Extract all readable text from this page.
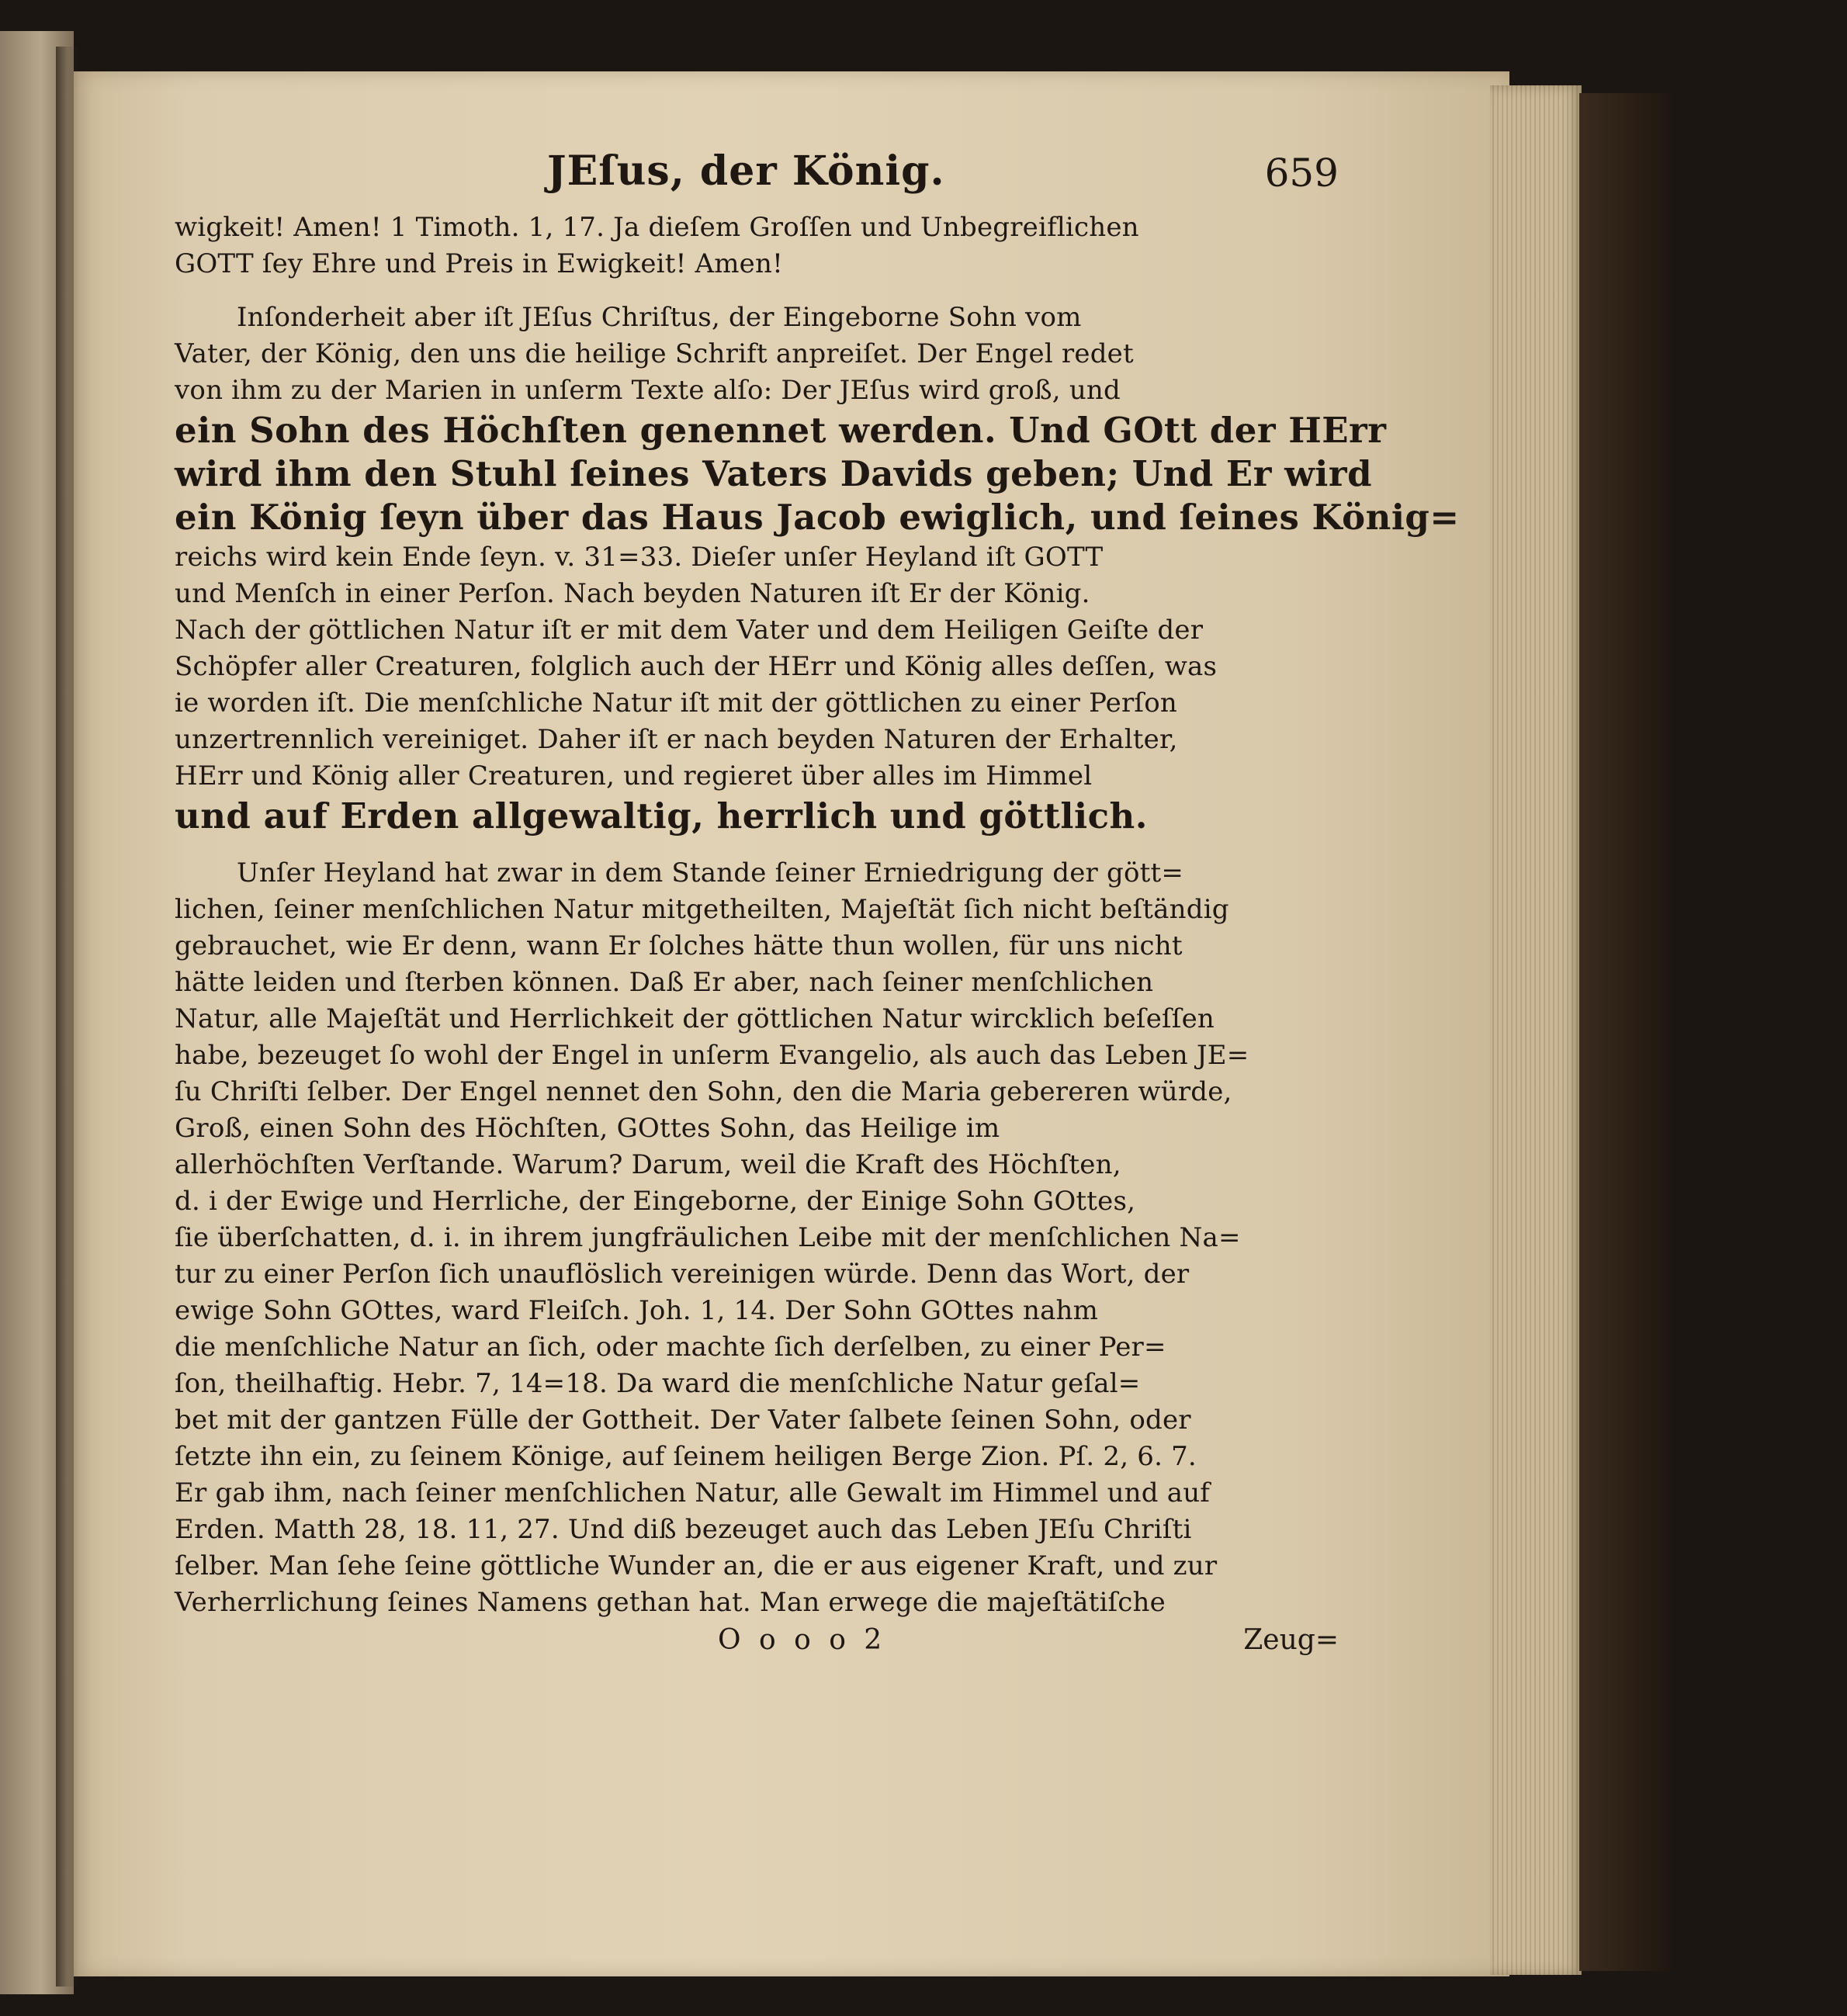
JEſus, der König.	659
wigkeit! Amen! 1 Timoth. 1, 17. Ja dieſem Groſſen und Unbegreiflichen
GOTT ſey Ehre und Preis in Ewigkeit! Amen!
Inſonderheit aber iſt JEſus Chriſtus, der Eingeborne Sohn vom
Vater, der König, den uns die heilige Schrift anpreiſet. Der Engel redet
von ihm zu der Marien in unſerm Texte alſo: Der JEſus wird groß, und
ein Sohn des Höchſten genennet werden. Und GOtt der HErr
wird ihm den Stuhl ſeines Vaters Davids geben; Und Er wird
ein König ſeyn über das Haus Jacob ewiglich, und ſeines König=
reichs wird kein Ende ſeyn. v. 31=33. Dieſer unſer Heyland iſt GOTT
und Menſch in einer Perſon. Nach beyden Naturen iſt Er der König.
Nach der göttlichen Natur iſt er mit dem Vater und dem Heiligen Geiſte der
Schöpfer aller Creaturen, folglich auch der HErr und König alles deſſen, was
ie worden iſt. Die menſchliche Natur iſt mit der göttlichen zu einer Perſon
unzertrennlich vereiniget. Daher iſt er nach beyden Naturen der Erhalter,
HErr und König aller Creaturen, und regieret über alles im Himmel
und auf Erden allgewaltig, herrlich und göttlich.
Unſer Heyland hat zwar in dem Stande ſeiner Erniedrigung der gött=
lichen, ſeiner menſchlichen Natur mitgetheilten, Majeſtät ſich nicht beſtändig
gebrauchet, wie Er denn, wann Er ſolches hätte thun wollen, für uns nicht
hätte leiden und ſterben können. Daß Er aber, nach ſeiner menſchlichen
Natur, alle Majeſtät und Herrlichkeit der göttlichen Natur wircklich beſeſſen
habe, bezeuget ſo wohl der Engel in unſerm Evangelio, als auch das Leben JE=
ſu Chriſti ſelber. Der Engel nennet den Sohn, den die Maria gebereren würde,
Groß, einen Sohn des Höchſten, GOttes Sohn, das Heilige im
allerhöchſten Verſtande. Warum? Darum, weil die Kraft des Höchſten,
d. i der Ewige und Herrliche, der Eingeborne, der Einige Sohn GOttes,
ſie überſchatten, d. i. in ihrem jungfräulichen Leibe mit der menſchlichen Na=
tur zu einer Perſon ſich unauflöslich vereinigen würde. Denn das Wort, der
ewige Sohn GOttes, ward Fleiſch. Joh. 1, 14. Der Sohn GOttes nahm
die menſchliche Natur an ſich, oder machte ſich derſelben, zu einer Per=
ſon, theilhaftig. Hebr. 7, 14=18. Da ward die menſchliche Natur geſal=
bet mit der gantzen Fülle der Gottheit. Der Vater ſalbete ſeinen Sohn, oder
ſetzte ihn ein, zu ſeinem Könige, auf ſeinem heiligen Berge Zion. Pſ. 2, 6. 7.
Er gab ihm, nach ſeiner menſchlichen Natur, alle Gewalt im Himmel und auf
Erden. Matth 28, 18. 11, 27. Und diß bezeuget auch das Leben JEſu Chriſti
ſelber. Man ſehe ſeine göttliche Wunder an, die er aus eigener Kraft, und zur
Verherrlichung ſeines Namens gethan hat. Man erwege die majeſtätiſche
O o o o 2	Zeug=
